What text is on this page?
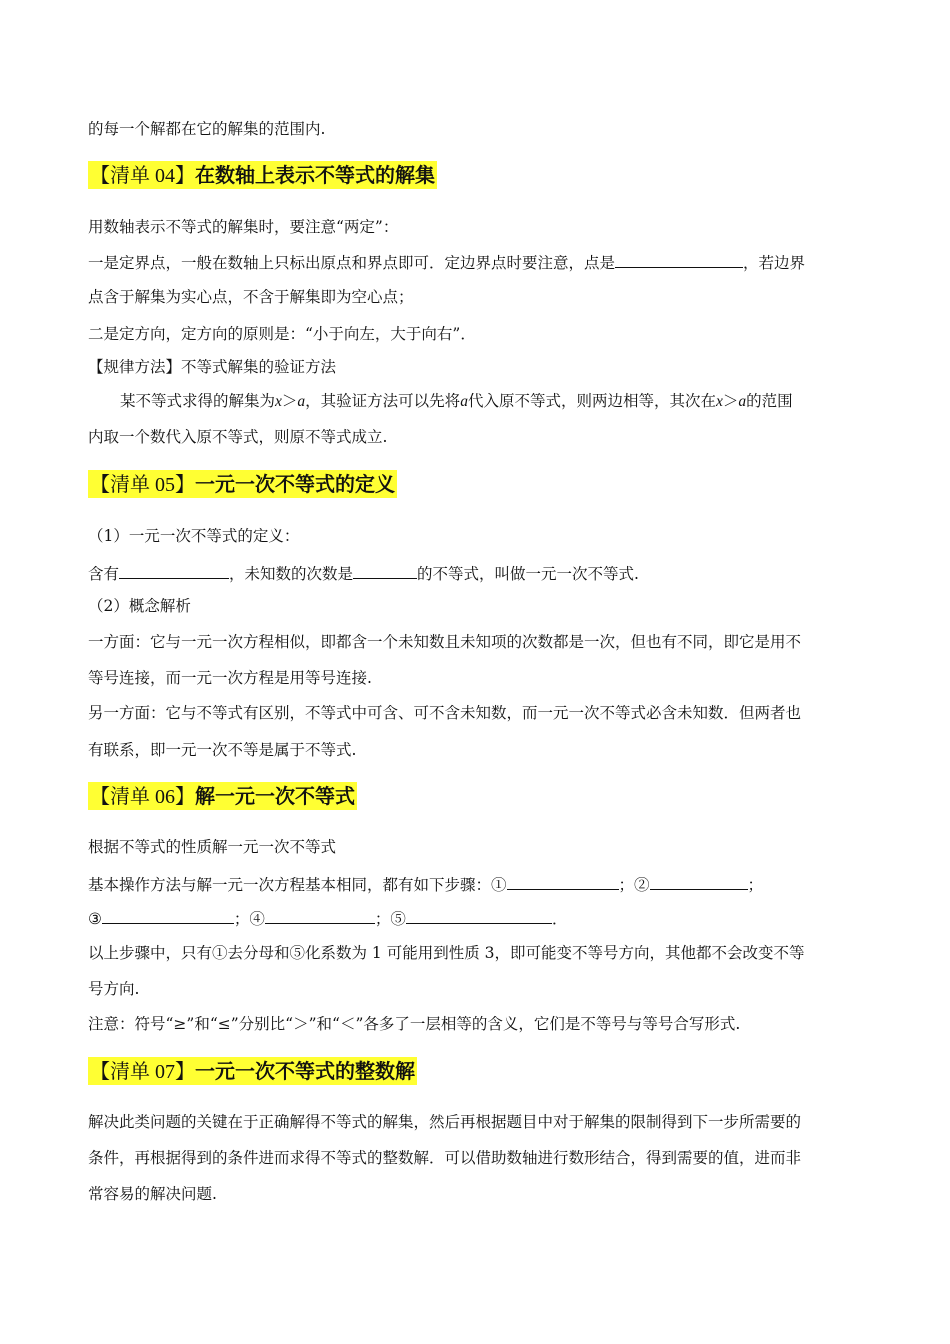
的每一个解都在它的解集的范围内.
【清单 04】在数轴上表示不等式的解集
用数轴表示不等式的解集时，要注意“两定”：
一是定界点，一般在数轴上只标出原点和界点即可．定边界点时要注意，点是	，若边界
点含于解集为实心点，不含于解集即为空心点；
二是定方向，定方向的原则是：“小于向左，大于向右”．
【规律方法】不等式解集的验证方法
某不等式求得的解集为x＞a，其验证方法可以先将a代入原不等式，则两边相等，其次在x＞a的范围
内取一个数代入原不等式，则原不等式成立.
【清单 05】一元一次不等式的定义
（1）一元一次不等式的定义：
含有	，未知数的次数是	的不等式，叫做一元一次不等式.
（2）概念解析
一方面：它与一元一次方程相似，即都含一个未知数且未知项的次数都是一次，但也有不同，即它是用不
等号连接，而一元一次方程是用等号连接.
另一方面：它与不等式有区别，不等式中可含、可不含未知数，而一元一次不等式必含未知数．但两者也
有联系，即一元一次不等是属于不等式.
【清单 06】解一元一次不等式
根据不等式的性质解一元一次不等式
基本操作方法与解一元一次方程基本相同，都有如下步骤：①	；②	；
③	；④	；⑤	．
以上步骤中，只有①去分母和⑤化系数为 1 可能用到性质 3，即可能变不等号方向，其他都不会改变不等
号方向.
注意：符号“≥”和“≤”分别比“＞”和“＜”各多了一层相等的含义，它们是不等号与等号合写形式.
【清单 07】一元一次不等式的整数解
解决此类问题的关键在于正确解得不等式的解集，然后再根据题目中对于解集的限制得到下一步所需要的
条件，再根据得到的条件进而求得不等式的整数解．可以借助数轴进行数形结合，得到需要的值，进而非
常容易的解决问题.
